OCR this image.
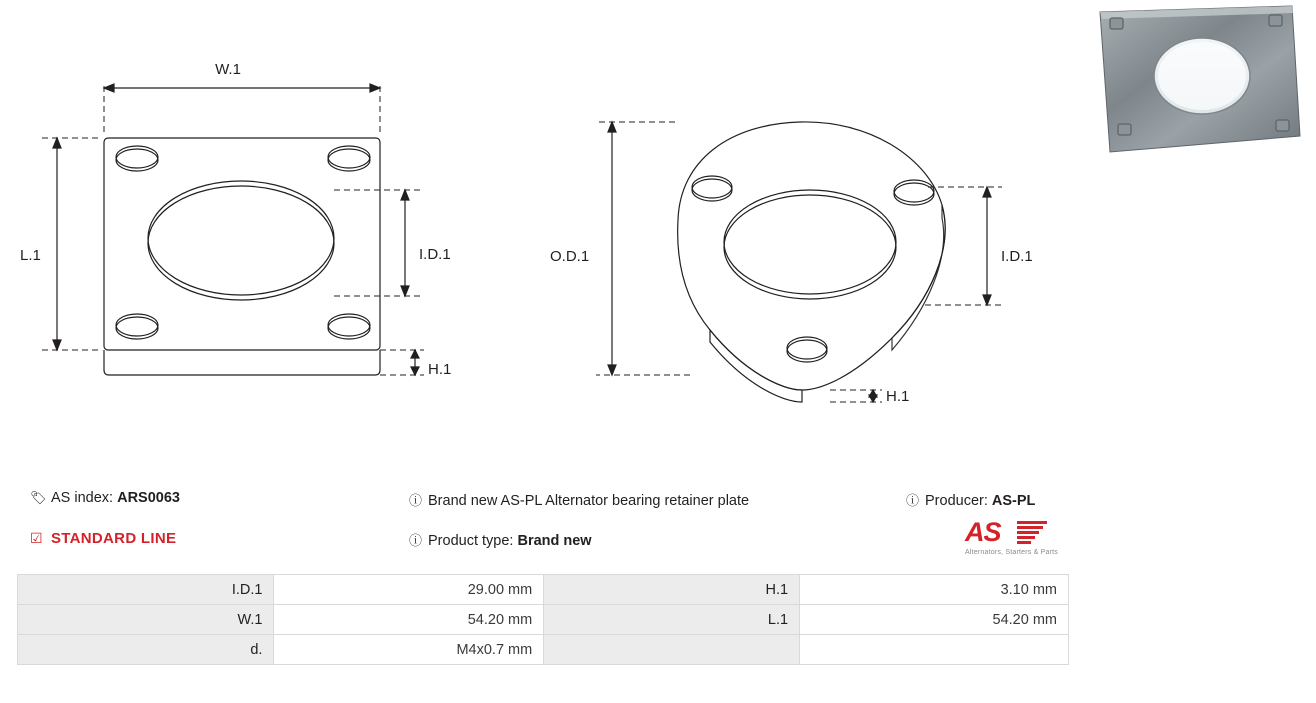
W.1
L.1	I.D.1
H.1
O.D.1	I.D.1
H.1
🏷 AS index: ARS0063
☑ STANDARD LINE
ⓘ Brand new AS-PL Alternator bearing retainer plate
ⓘ Product type: Brand new
ⓘ Producer: AS-PL
AS
Alternators, Starters & Parts
I.D.1	29.00 mm	H.1	3.10 mm
W.1	54.20 mm	L.1	54.20 mm
d.	M4x0.7 mm		
